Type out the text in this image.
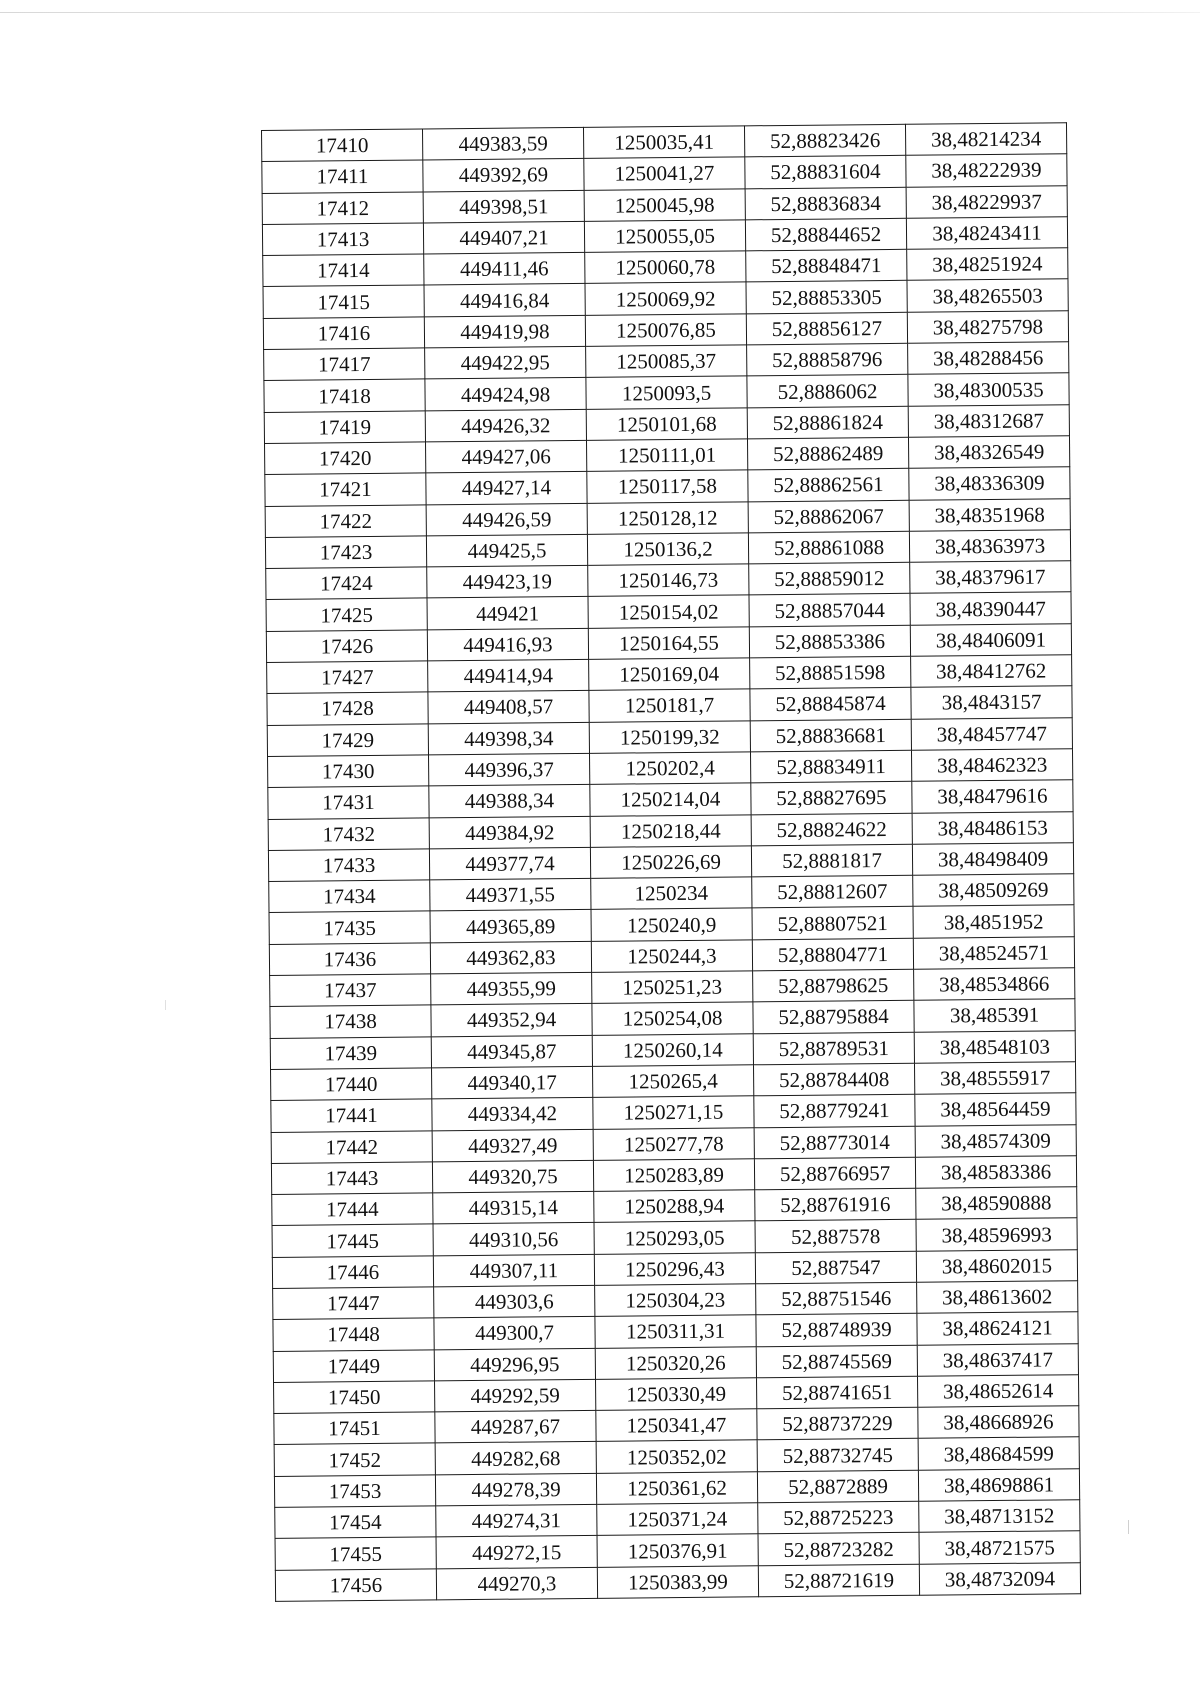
17410	449383,59	1250035,41	52,88823426	38,48214234
17411	449392,69	1250041,27	52,88831604	38,48222939
17412	449398,51	1250045,98	52,88836834	38,48229937
17413	449407,21	1250055,05	52,88844652	38,48243411
17414	449411,46	1250060,78	52,88848471	38,48251924
17415	449416,84	1250069,92	52,88853305	38,48265503
17416	449419,98	1250076,85	52,88856127	38,48275798
17417	449422,95	1250085,37	52,88858796	38,48288456
17418	449424,98	1250093,5	52,8886062	38,48300535
17419	449426,32	1250101,68	52,88861824	38,48312687
17420	449427,06	1250111,01	52,88862489	38,48326549
17421	449427,14	1250117,58	52,88862561	38,48336309
17422	449426,59	1250128,12	52,88862067	38,48351968
17423	449425,5	1250136,2	52,88861088	38,48363973
17424	449423,19	1250146,73	52,88859012	38,48379617
17425	449421	1250154,02	52,88857044	38,48390447
17426	449416,93	1250164,55	52,88853386	38,48406091
17427	449414,94	1250169,04	52,88851598	38,48412762
17428	449408,57	1250181,7	52,88845874	38,4843157
17429	449398,34	1250199,32	52,88836681	38,48457747
17430	449396,37	1250202,4	52,88834911	38,48462323
17431	449388,34	1250214,04	52,88827695	38,48479616
17432	449384,92	1250218,44	52,88824622	38,48486153
17433	449377,74	1250226,69	52,8881817	38,48498409
17434	449371,55	1250234	52,88812607	38,48509269
17435	449365,89	1250240,9	52,88807521	38,4851952
17436	449362,83	1250244,3	52,88804771	38,48524571
17437	449355,99	1250251,23	52,88798625	38,48534866
17438	449352,94	1250254,08	52,88795884	38,485391
17439	449345,87	1250260,14	52,88789531	38,48548103
17440	449340,17	1250265,4	52,88784408	38,48555917
17441	449334,42	1250271,15	52,88779241	38,48564459
17442	449327,49	1250277,78	52,88773014	38,48574309
17443	449320,75	1250283,89	52,88766957	38,48583386
17444	449315,14	1250288,94	52,88761916	38,48590888
17445	449310,56	1250293,05	52,887578	38,48596993
17446	449307,11	1250296,43	52,887547	38,48602015
17447	449303,6	1250304,23	52,88751546	38,48613602
17448	449300,7	1250311,31	52,88748939	38,48624121
17449	449296,95	1250320,26	52,88745569	38,48637417
17450	449292,59	1250330,49	52,88741651	38,48652614
17451	449287,67	1250341,47	52,88737229	38,48668926
17452	449282,68	1250352,02	52,88732745	38,48684599
17453	449278,39	1250361,62	52,8872889	38,48698861
17454	449274,31	1250371,24	52,88725223	38,48713152
17455	449272,15	1250376,91	52,88723282	38,48721575
17456	449270,3	1250383,99	52,88721619	38,48732094
